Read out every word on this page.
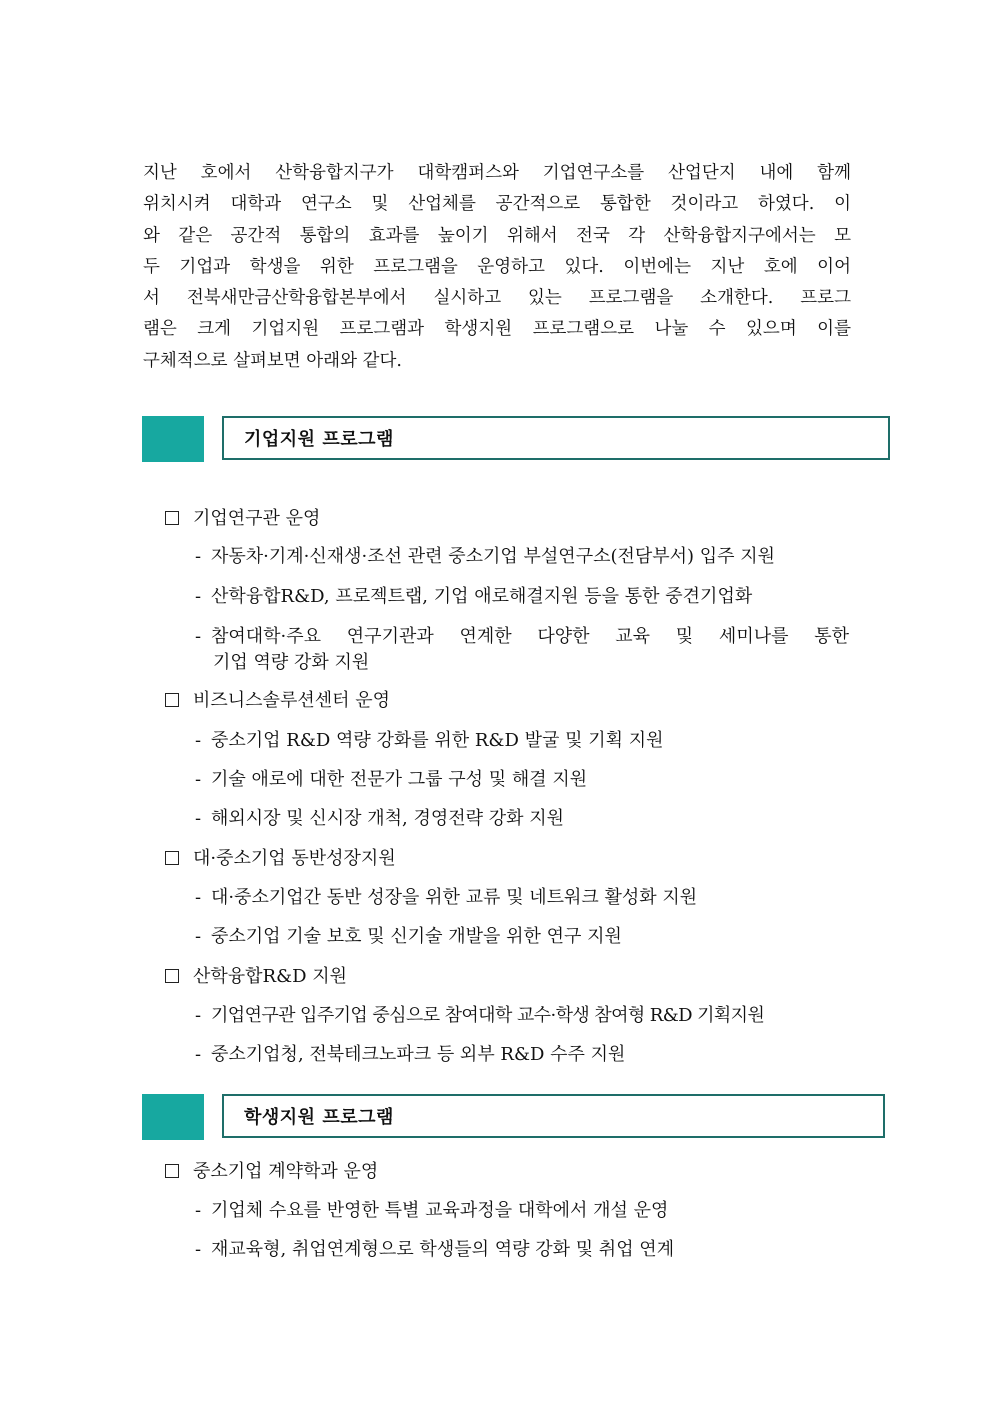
지난 호에서 산학융합지구가 대학캠퍼스와 기업연구소를 산업단지 내에 함께
위치시켜 대학과 연구소 및 산업체를 공간적으로 통합한 것이라고 하였다. 이
와 같은 공간적 통합의 효과를 높이기 위해서 전국 각 산학융합지구에서는 모
두 기업과 학생을 위한 프로그램을 운영하고 있다. 이번에는 지난 호에 이어
서 전북새만금산학융합본부에서 실시하고 있는 프로그램을 소개한다. 프로그
램은 크게 기업지원 프로그램과 학생지원 프로그램으로 나눌 수 있으며 이를
구체적으로 살펴보면 아래와 같다.
기업지원 프로그램
기업연구관 운영
- 자동차·기계·신재생·조선 관련 중소기업 부설연구소(전담부서) 입주 지원
- 산학융합R&D, 프로젝트랩, 기업 애로해결지원 등을 통한 중견기업화
- 참여대학·주요 연구기관과 연계한 다양한 교육 및 세미나를 통한
기업 역량 강화 지원
비즈니스솔루션센터 운영
- 중소기업 R&D 역량 강화를 위한 R&D 발굴 및 기획 지원
- 기술 애로에 대한 전문가 그룹 구성 및 해결 지원
- 해외시장 및 신시장 개척, 경영전략 강화 지원
대·중소기업 동반성장지원
- 대·중소기업간 동반 성장을 위한 교류 및 네트워크 활성화 지원
- 중소기업 기술 보호 및 신기술 개발을 위한 연구 지원
산학융합R&D 지원
- 기업연구관 입주기업 중심으로 참여대학 교수·학생 참여형 R&D 기획지원
- 중소기업청, 전북테크노파크 등 외부 R&D 수주 지원
학생지원 프로그램
중소기업 계약학과 운영
- 기업체 수요를 반영한 특별 교육과정을 대학에서 개설 운영
- 재교육형, 취업연계형으로 학생들의 역량 강화 및 취업 연계
